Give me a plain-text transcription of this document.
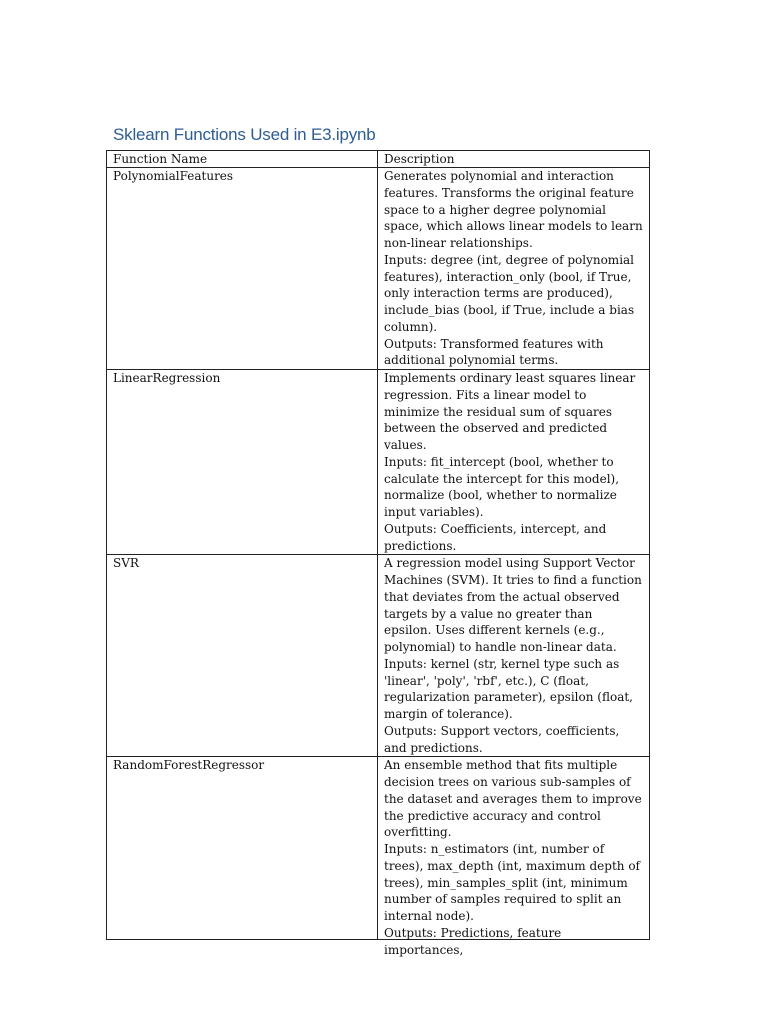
Sklearn Functions Used in E3.ipynb
Function Name	Description
PolynomialFeatures	Generates polynomial and interaction features. Transforms the original feature space to a higher degree polynomial space, which allows linear models to learn non-linear relationships.
Inputs: degree (int, degree of polynomial features), interaction_only (bool, if True, only interaction terms are produced), include_bias (bool, if True, include a bias column).
Outputs: Transformed features with additional polynomial terms.

LinearRegression	Implements ordinary least squares linear regression. Fits a linear model to minimize the residual sum of squares between the observed and predicted values.
Inputs: fit_intercept (bool, whether to calculate the intercept for this model), normalize (bool, whether to normalize input variables).
Outputs: Coefficients, intercept, and predictions.

SVR	A regression model using Support Vector Machines (SVM). It tries to find a function that deviates from the actual observed targets by a value no greater than epsilon. Uses different kernels (e.g., polynomial) to handle non-linear data.
Inputs: kernel (str, kernel type such as 'linear', 'poly', 'rbf', etc.), C (float, regularization parameter), epsilon (float, margin of tolerance).
Outputs: Support vectors, coefficients, and predictions.

RandomForestRegressor	An ensemble method that fits multiple decision trees on various sub-samples of the dataset and averages them to improve the predictive accuracy and control overfitting.
Inputs: n_estimators (int, number of trees), max_depth (int, maximum depth of trees), min_samples_split (int, minimum number of samples required to split an internal node).
Outputs: Predictions, feature importances,
